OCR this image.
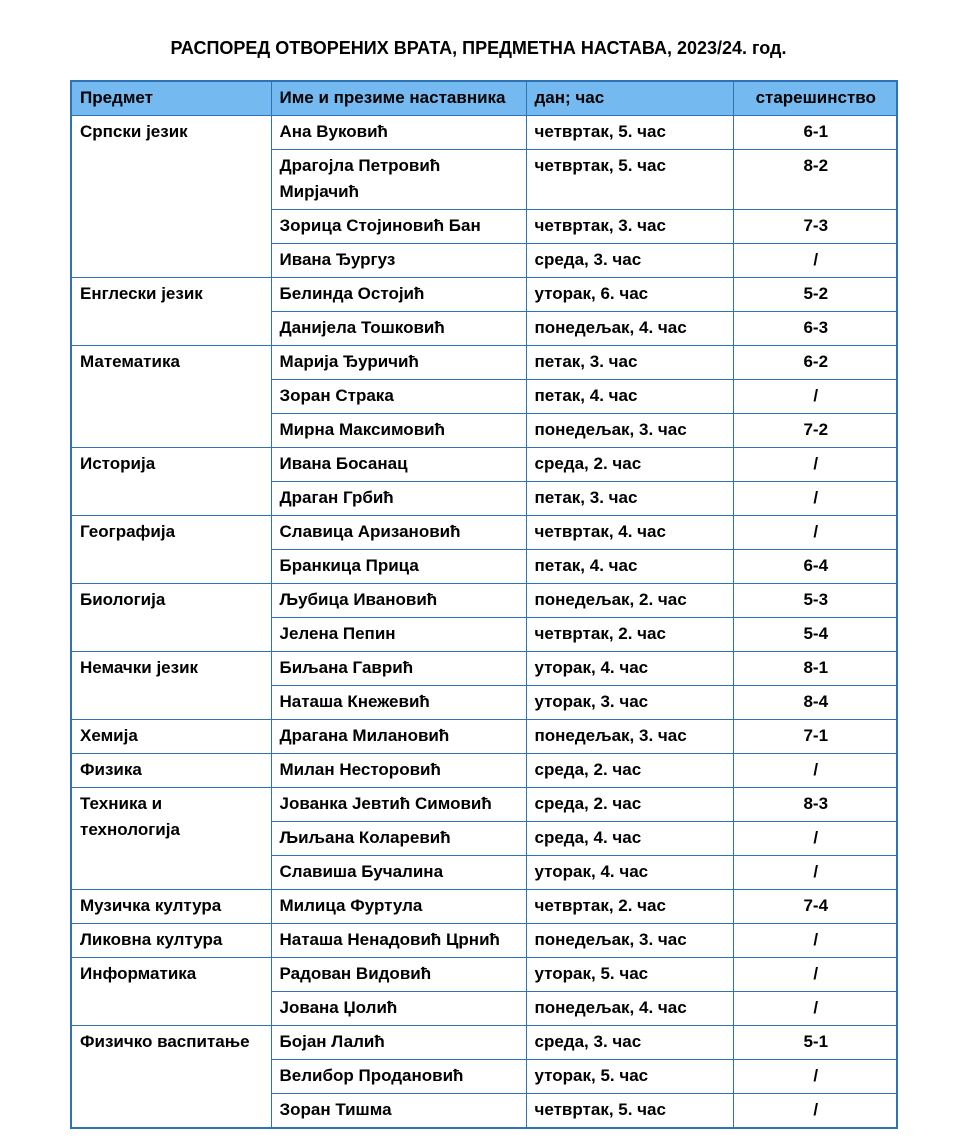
РАСПОРЕД ОТВОРЕНИХ ВРАТА, ПРЕДМЕТНА НАСТАВА, 2023/24. год.
Предмет	Име и презиме наставника	дан; час	старешинство
Српски језик	Ана Вуковић	четвртак, 5. час	6-1
	Драгојла Петровић Мирјачић	четвртак, 5. час	8-2
	Зорица Стојиновић Бан	четвртак, 3. час	7-3
	Ивана Ђургуз	среда, 3. час	/
Енглески језик	Белинда Остојић	уторак, 6. час	5-2
	Данијела Тошковић	понедељак, 4. час	6-3
Математика	Марија Ђуричић	петак, 3. час	6-2
	Зоран Страка	петак, 4. час	/
	Мирна Максимовић	понедељак, 3. час	7-2
Историја	Ивана Босанац	среда, 2. час	/
	Драган Грбић	петак, 3. час	/
Географија	Славица Аризановић	четвртак, 4. час	/
	Бранкица Прица	петак, 4. час	6-4
Биологија	Љубица Ивановић	понедељак, 2. час	5-3
	Јелена Пепин	четвртак, 2. час	5-4
Немачки језик	Биљана Гаврић	уторак, 4. час	8-1
	Наташа Кнежевић	уторак, 3. час	8-4
Хемија	Драгана Милановић	понедељак, 3. час	7-1
Физика	Милан Несторовић	среда, 2. час	/
Техника и технологија	Јованка Јевтић Симовић	среда, 2. час	8-3
	Љиљана Коларевић	среда, 4. час	/
	Славиша Бучалина	уторак, 4. час	/
Музичка култура	Милица Фуртула	четвртак, 2. час	7-4
Ликовна култура	Наташа Ненадовић Црнић	понедељак, 3. час	/
Информатика	Радован Видовић	уторак, 5. час	/
	Јована Џолић	понедељак, 4. час	/
Физичко васпитање	Бојан Лалић	среда, 3. час	5-1
	Велибор Продановић	уторак, 5. час	/
	Зоран Тишма	четвртак, 5. час	/
